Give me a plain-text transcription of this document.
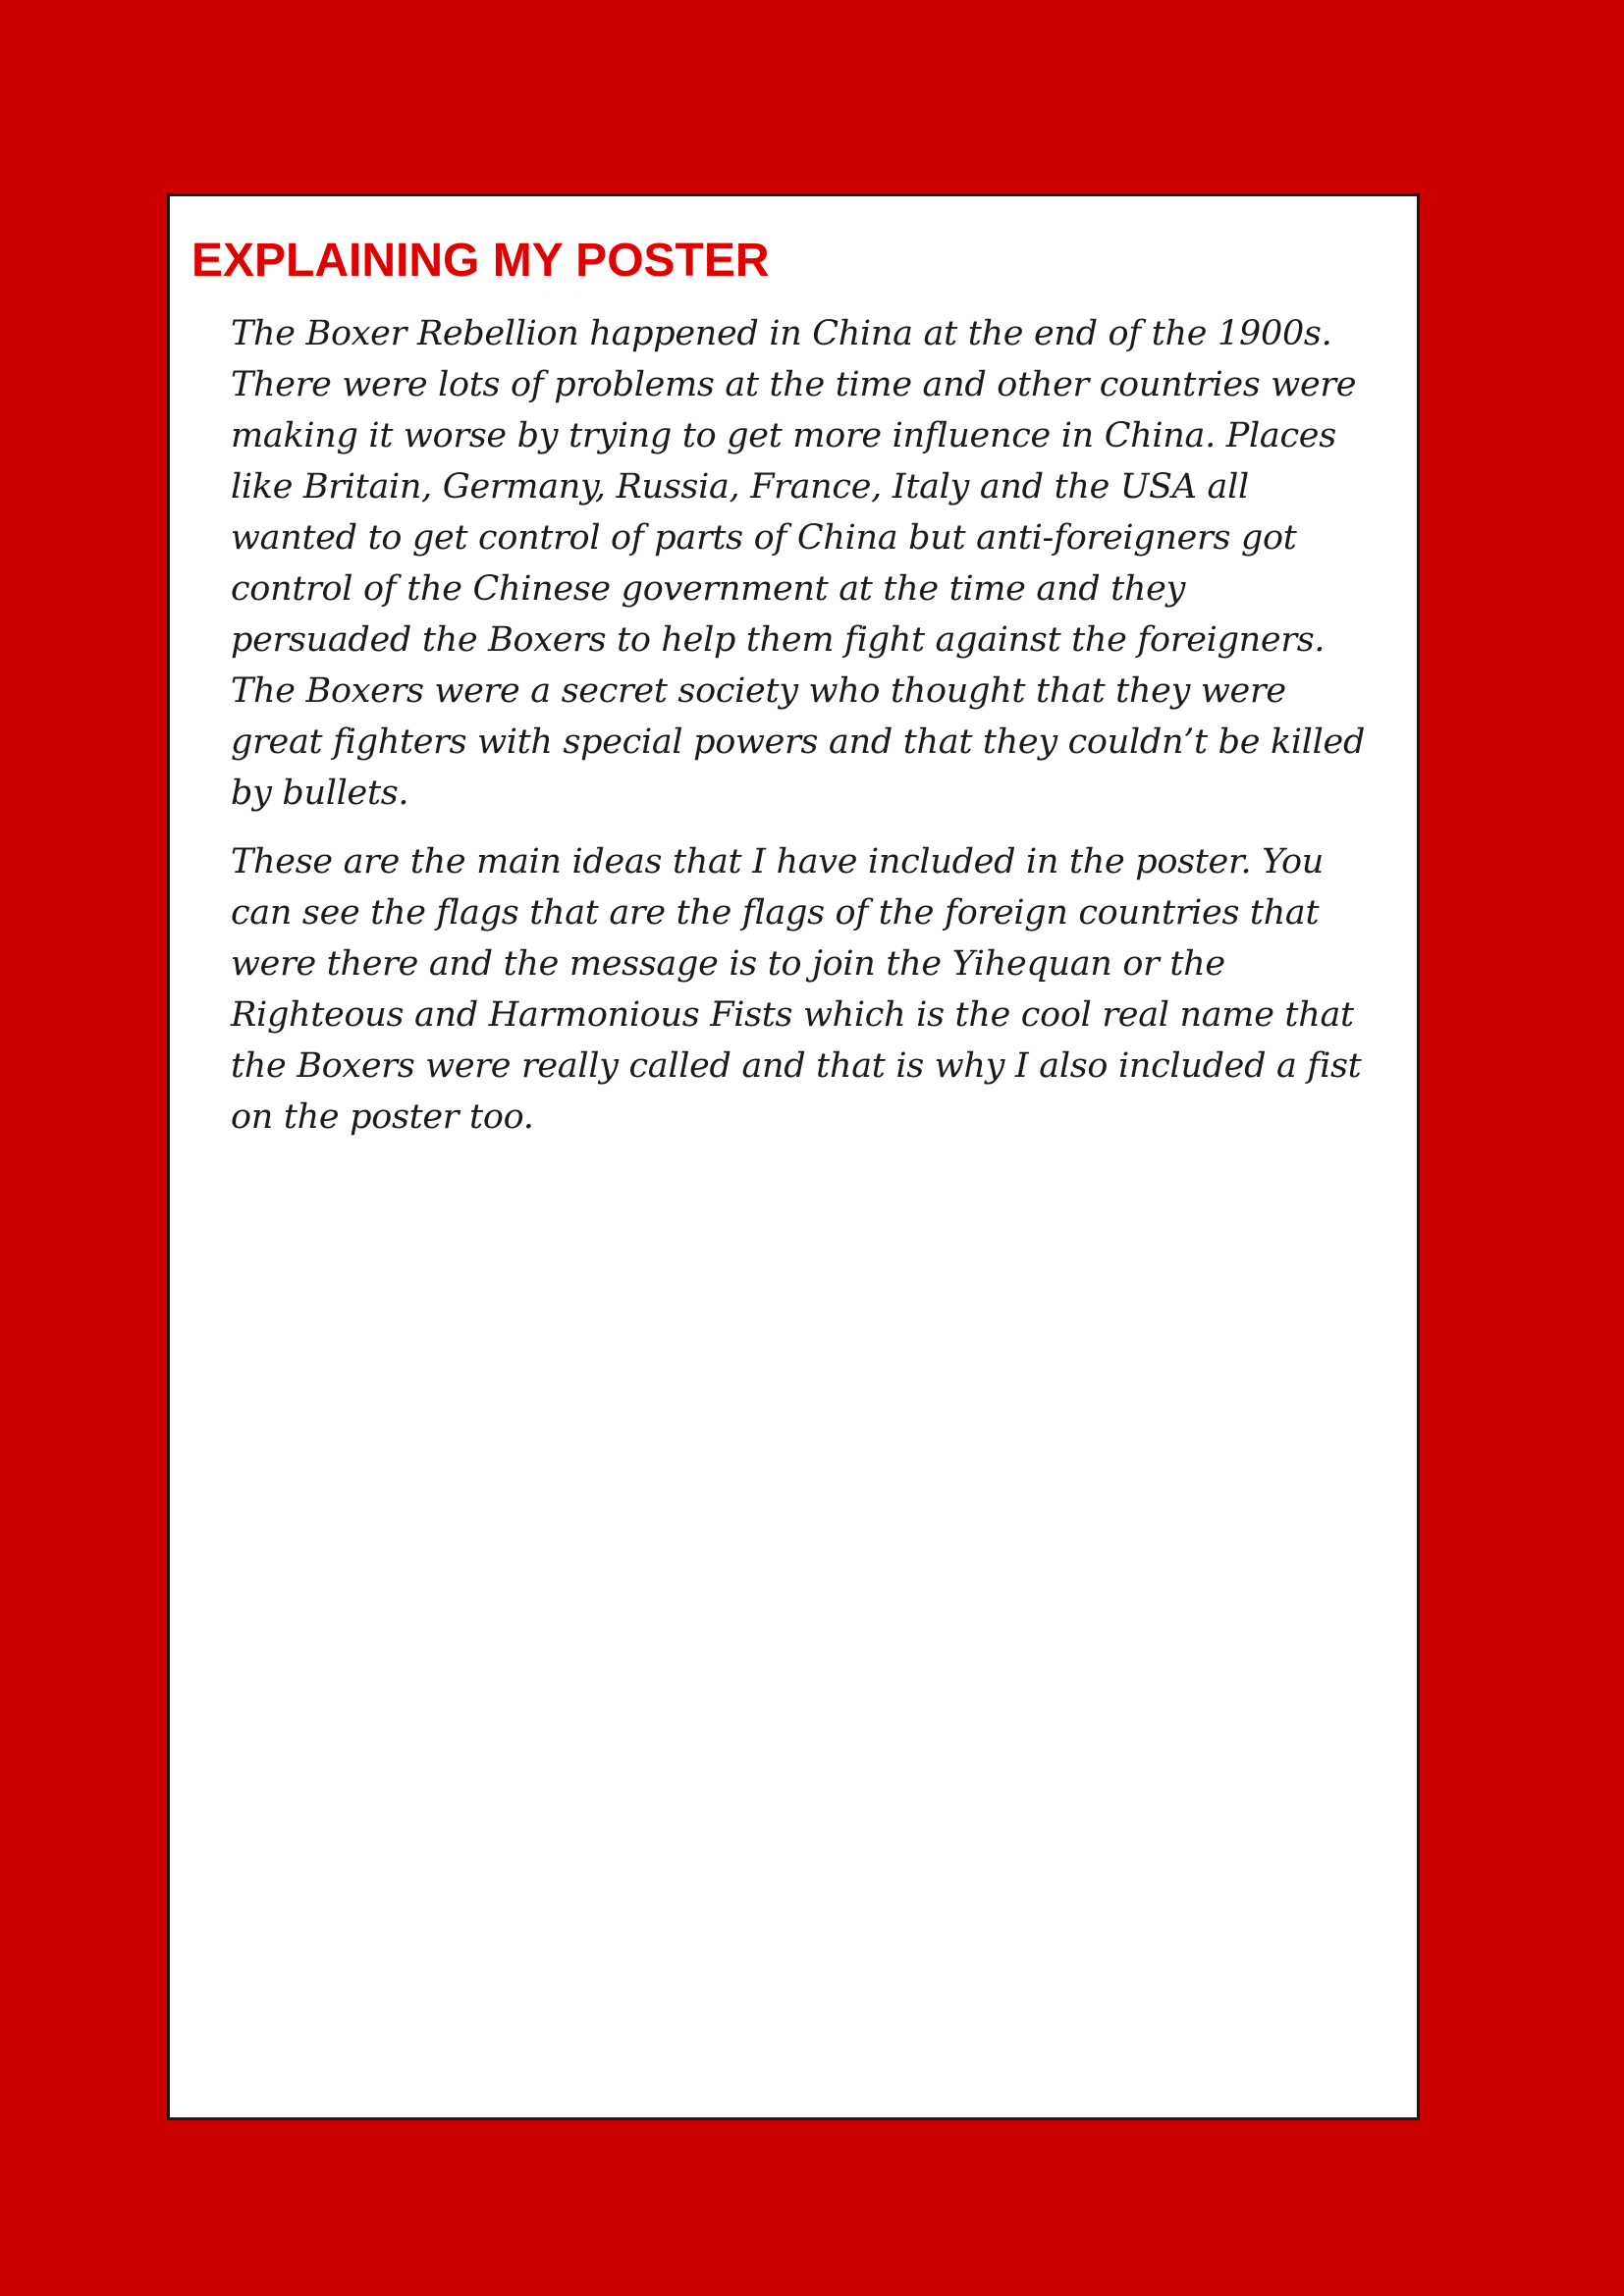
EXPLAINING MY POSTER

The Boxer Rebellion happened in China at the end of the 1900s. There were lots of problems at the time and other countries were making it worse by trying to get more influence in China. Places like Britain, Germany, Russia, France, Italy and the USA all wanted to get control of parts of China but anti-foreigners got control of the Chinese government at the time and they persuaded the Boxers to help them fight against the foreigners. The Boxers were a secret society who thought that they were great fighters with special powers and that they couldn’t be killed by bullets.

These are the main ideas that I have included in the poster. You can see the flags that are the flags of the foreign countries that were there and the message is to join the Yihequan or the Righteous and Harmonious Fists which is the cool real name that the Boxers were really called and that is why I also included a fist on the poster too.
